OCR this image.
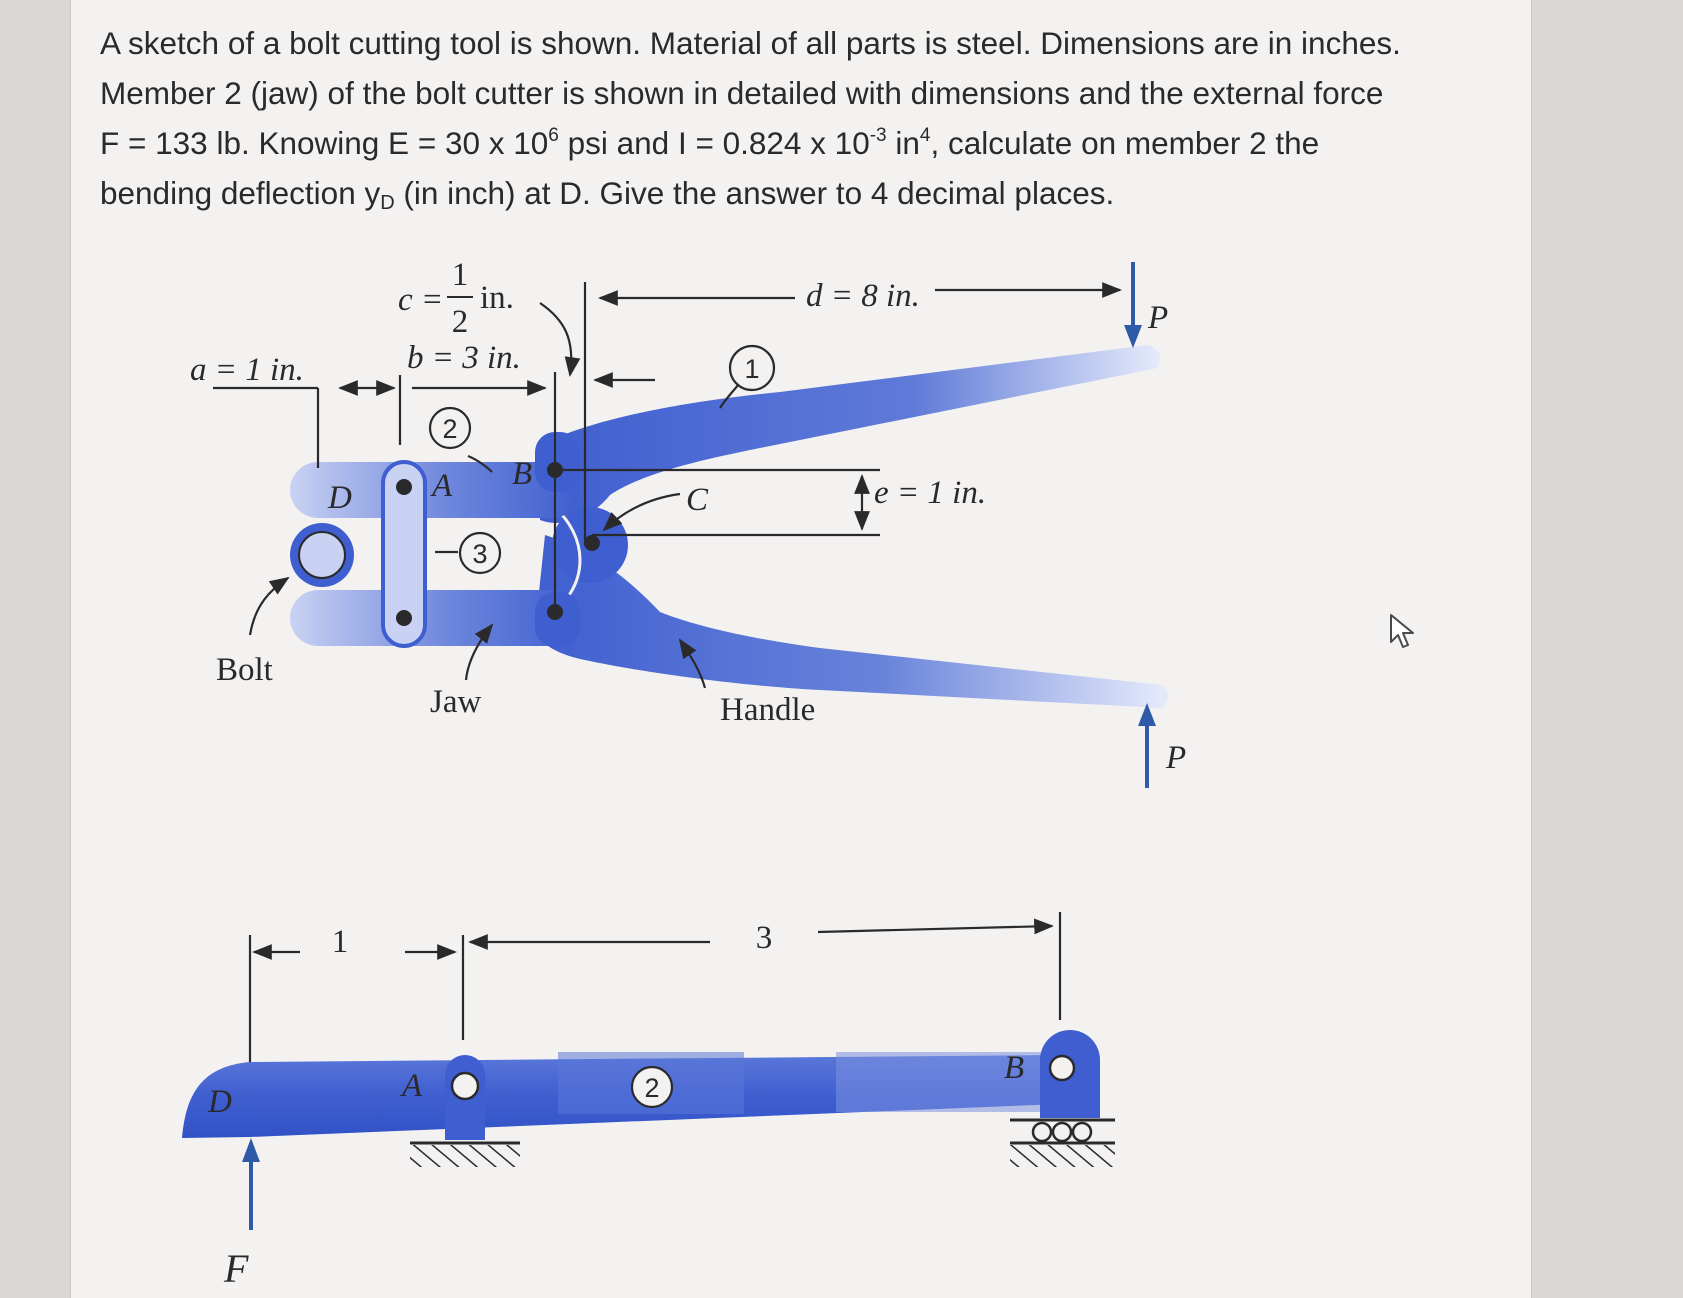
A sketch of a bolt cutting tool is shown. Material of all parts is steel. Dimensions are in inches.

Member 2 (jaw) of the bolt cutter is shown in detailed with dimensions and the external force

F = 133 lb. Knowing E = 30 x $10^6$ psi and I = 0.824 x $10^{-3}$ $in^4$, calculate on member 2 the

bending deflection $y_D$ (in inch) at D. Give the answer to 4 decimal places.

1
2
3
c =
1
2
in.
a = 1 in.	b = 3 in.
d = 8 in.
e = 1 in.
P
P
D A B
C
Bolt
Jaw	Handle
2
1	3
D	A	B
F
